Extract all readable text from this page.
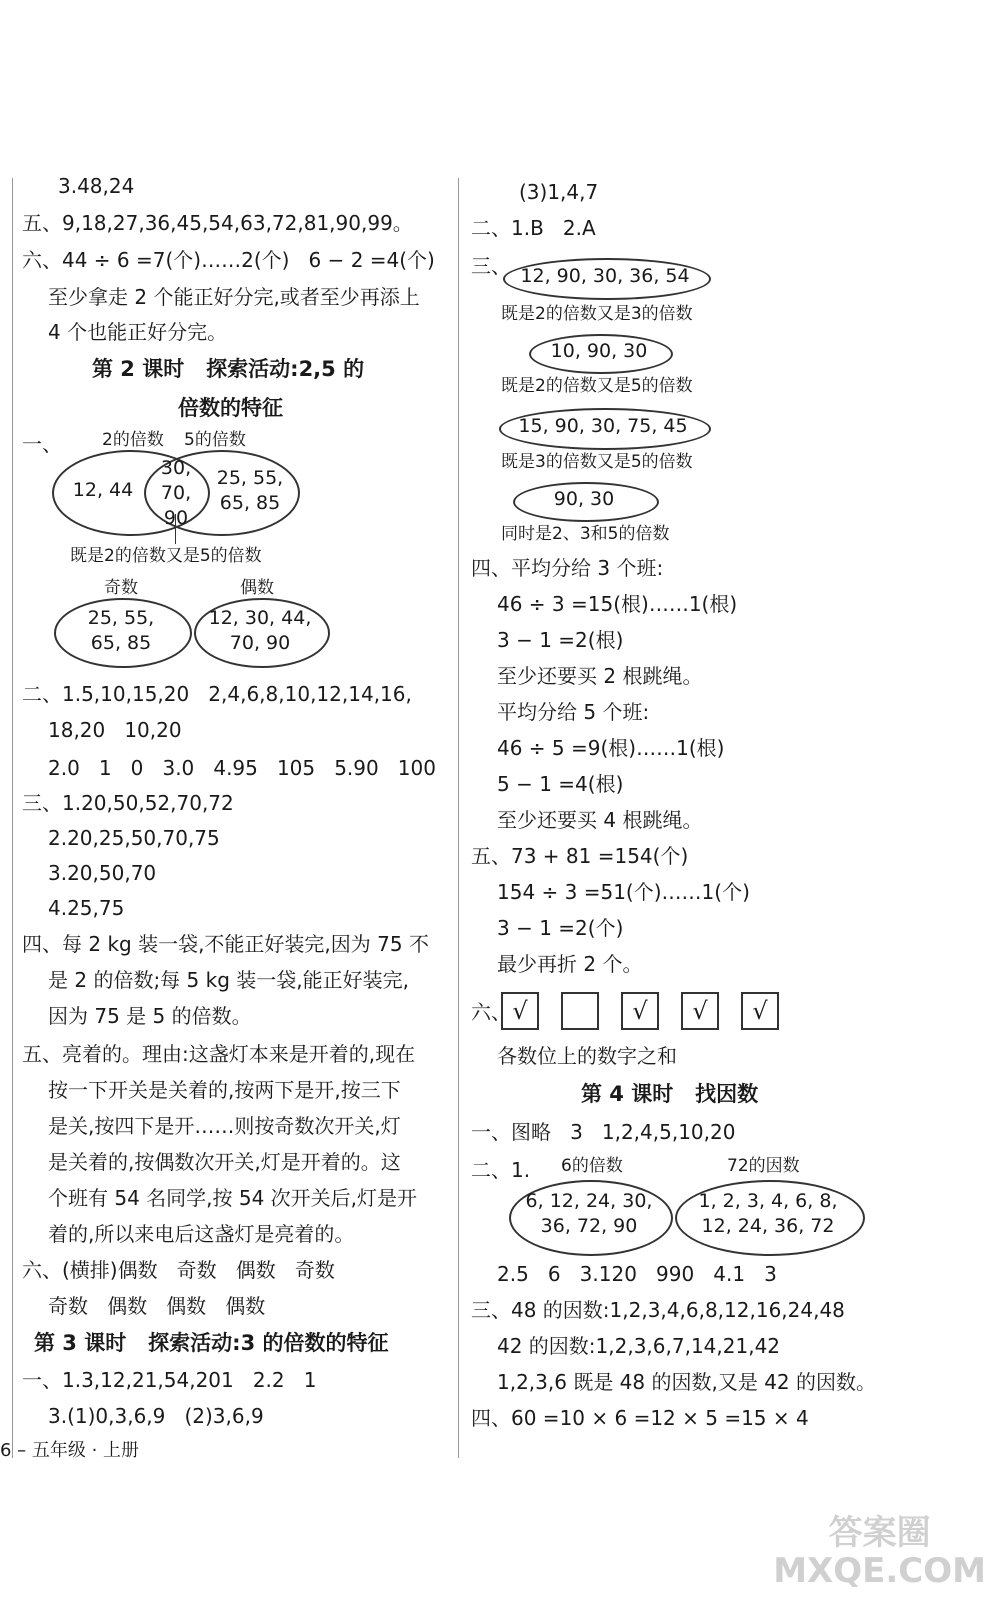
3.48,24
五、9,18,27,36,45,54,63,72,81,90,99。
六、44 ÷ 6 =7(个)……2(个)   6 − 2 =4(个)
至少拿走 2 个能正好分完,或者至少再添上
4 个也能正好分完。
第 2 课时   探索活动:2,5 的
倍数的特征
一、 2的倍数 5的倍数
12, 44
30,
70,
90
25, 55,
65, 85
既是2的倍数又是5的倍数
奇数	偶数
25, 55,
65, 85
12, 30, 44,
70, 90
二、1.5,10,15,20   2,4,6,8,10,12,14,16,
18,20   10,20
2.0   1   0   3.0   4.95   105   5.90   100
三、1.20,50,52,70,72
2.20,25,50,70,75
3.20,50,70
4.25,75
四、每 2 kg 装一袋,不能正好装完,因为 75 不
是 2 的倍数;每 5 kg 装一袋,能正好装完,
因为 75 是 5 的倍数。
五、亮着的。理由:这盏灯本来是开着的,现在
按一下开关是关着的,按两下是开,按三下
是关,按四下是开……则按奇数次开关,灯
是关着的,按偶数次开关,灯是开着的。这
个班有 54 名同学,按 54 次开关后,灯是开
着的,所以来电后这盏灯是亮着的。
六、(横排)偶数   奇数   偶数   奇数
奇数   偶数   偶数   偶数
第 3 课时   探索活动:3 的倍数的特征
一、1.3,12,21,54,201   2.2   1
3.(1)0,3,6,9   (2)3,6,9
(3)1,4,7
二、1.B   2.A
三、 12, 90, 30, 36, 54
既是2的倍数又是3的倍数
10, 90, 30
既是2的倍数又是5的倍数
15, 90, 30, 75, 45
既是3的倍数又是5的倍数
90, 30
同时是2、3和5的倍数
四、平均分给 3 个班:
46 ÷ 3 =15(根)……1(根)
3 − 1 =2(根)
至少还要买 2 根跳绳。
平均分给 5 个班:
46 ÷ 5 =9(根)……1(根)
5 − 1 =4(根)
至少还要买 4 根跳绳。
五、73 + 81 =154(个)
154 ÷ 3 =51(个)……1(个)
3 − 1 =2(个)
最少再折 2 个。
六、 √	√	√	√
各数位上的数字之和
第 4 课时   找因数
一、图略   3   1,2,4,5,10,20
二、1. 6的倍数	72的因数
6, 12, 24, 30,
36, 72, 90
1, 2, 3, 4, 6, 8,
12, 24, 36, 72
2.5   6   3.120   990   4.1   3
三、48 的因数:1,2,3,4,6,8,12,16,24,48
42 的因数:1,2,3,6,7,14,21,42
1,2,3,6 既是 48 的因数,又是 42 的因数。
四、60 =10 × 6 =12 × 5 =15 × 4
6 – 五年级 · 上册
答案圈
MXQE.COM
